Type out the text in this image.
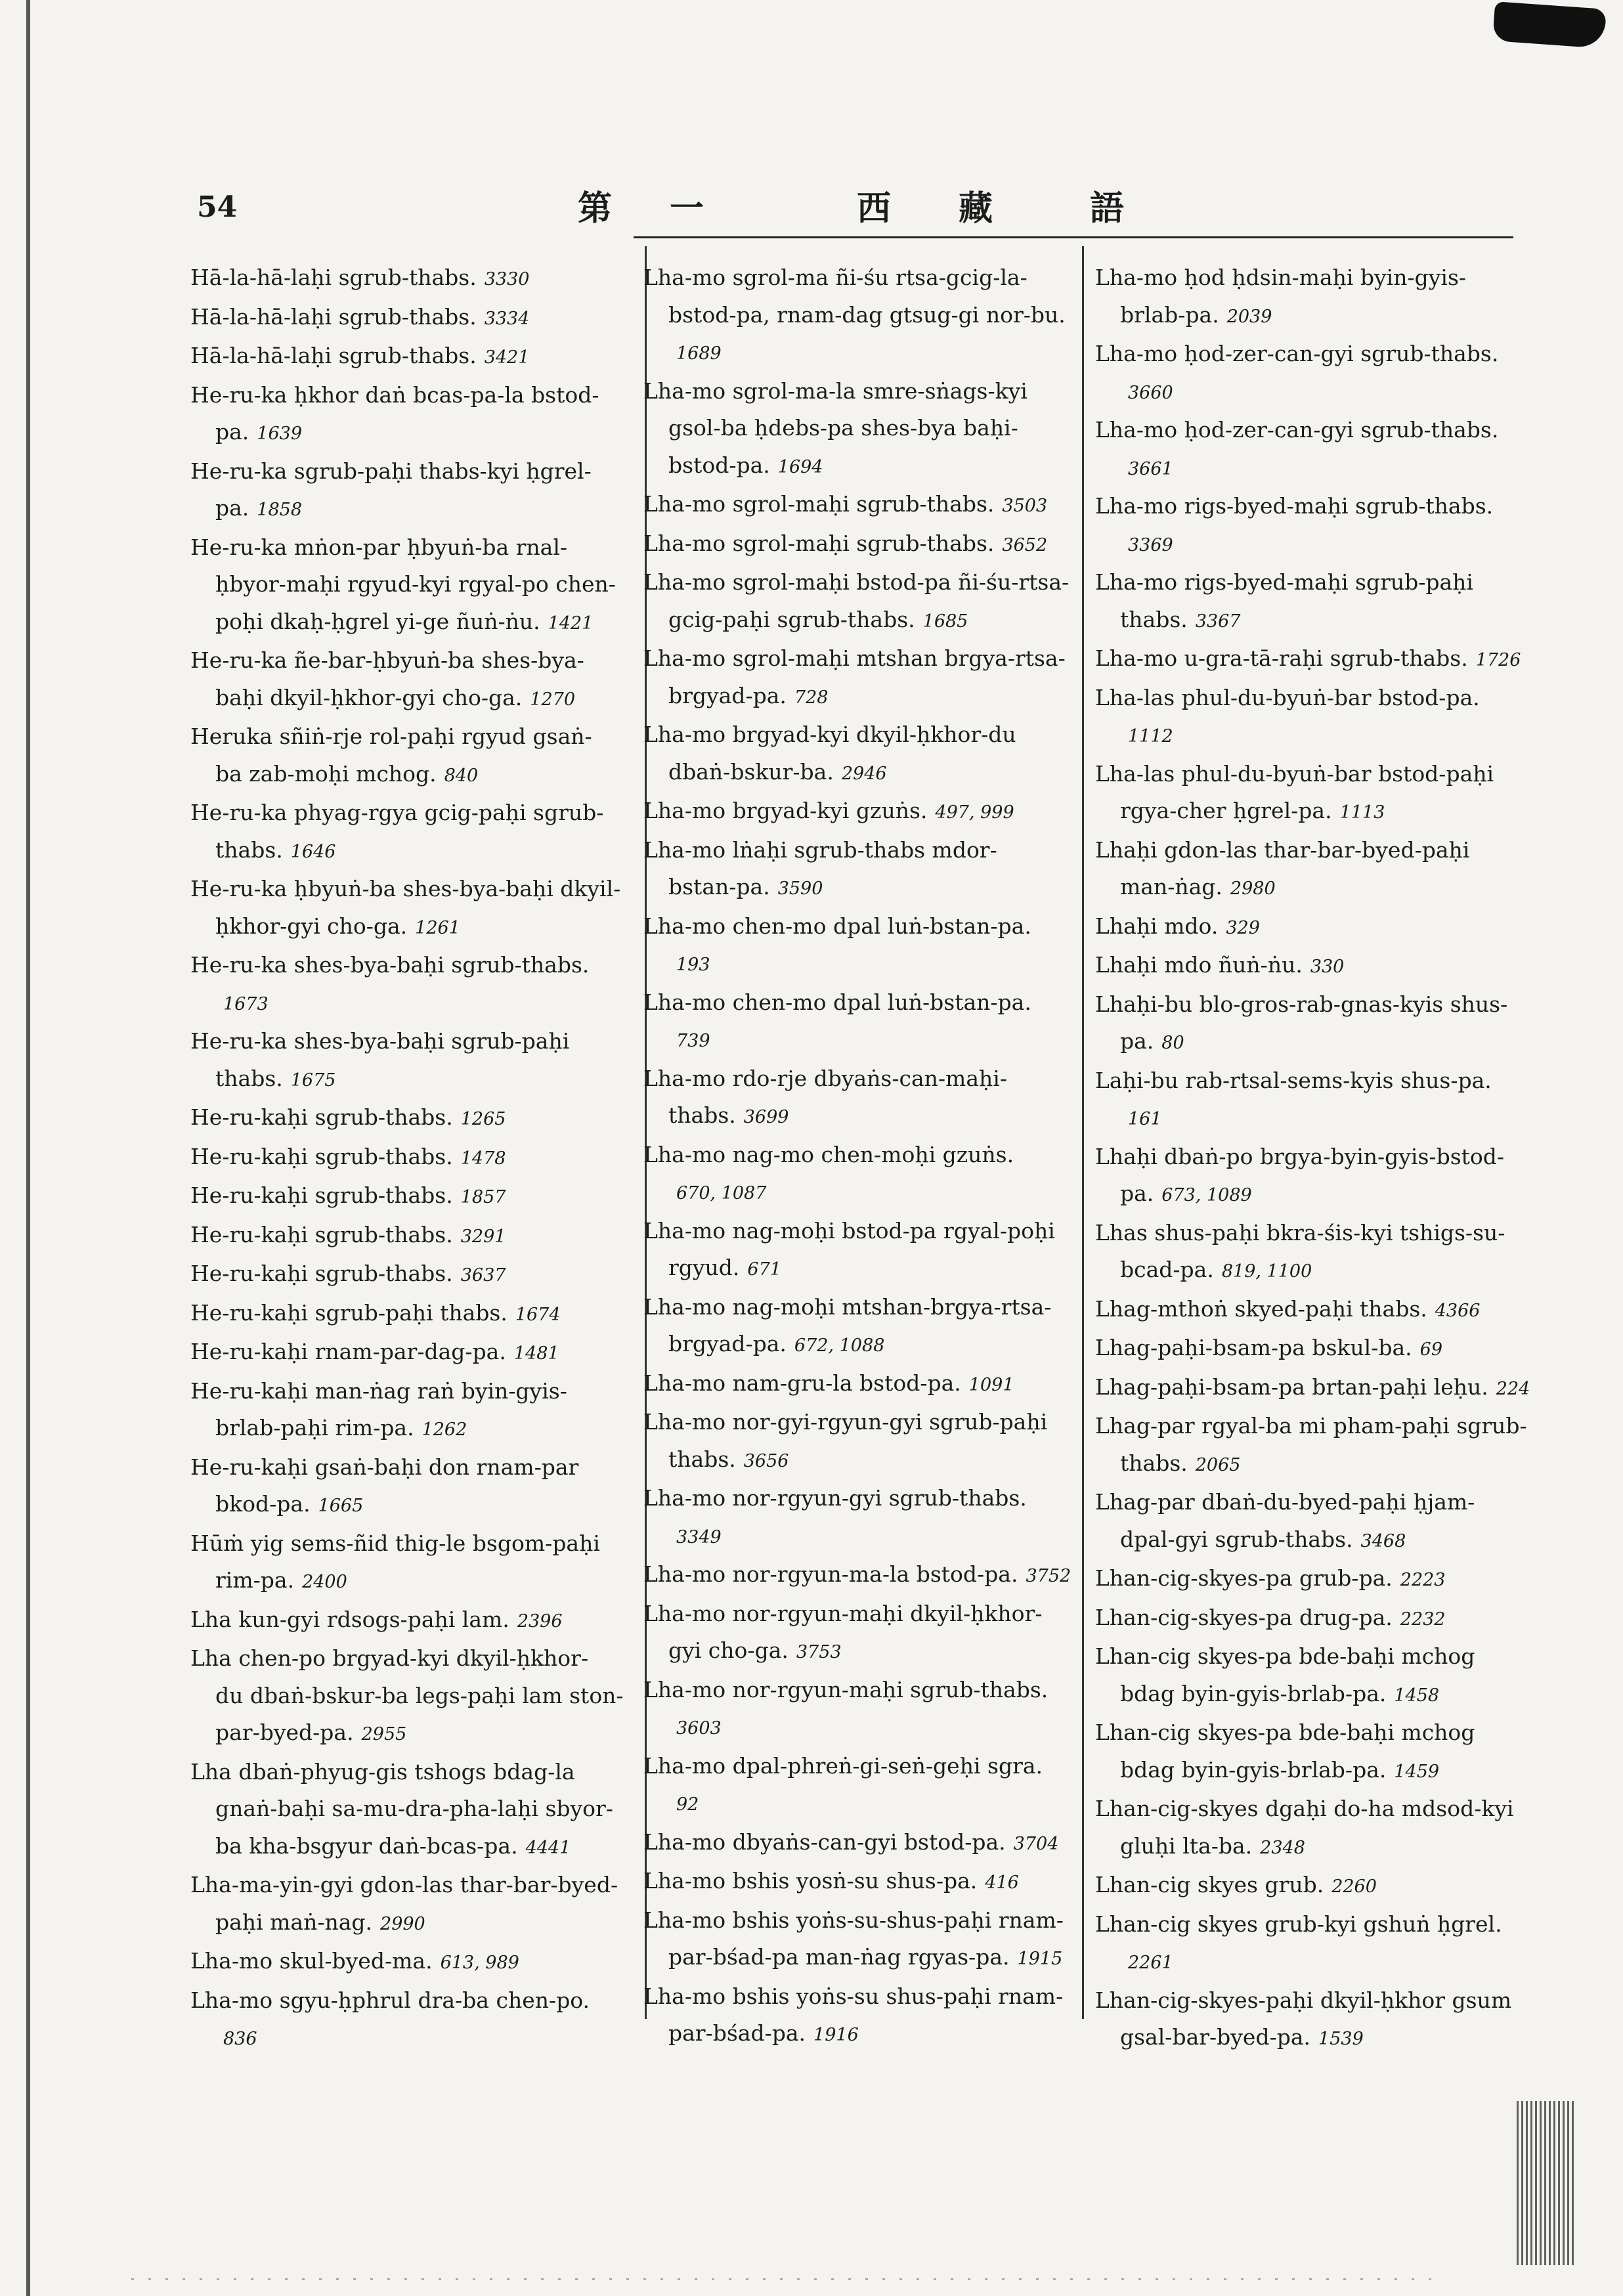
54	第 一	西 藏	語
Hā-la-hā-laḥi sgrub-thabs. 3330
Hā-la-hā-laḥi sgrub-thabs. 3334
Hā-la-hā-laḥi sgrub-thabs. 3421
He-ru-ka ḥkhor daṅ bcas-pa-la bstod-
pa. 1639
He-ru-ka sgrub-paḥi thabs-kyi ḥgrel-
pa. 1858
He-ru-ka mṅon-par ḥbyuṅ-ba rnal-
ḥbyor-maḥi rgyud-kyi rgyal-po chen-
poḥi dkaḥ-ḥgrel yi-ge ñuṅ-ṅu. 1421
He-ru-ka ñe-bar-ḥbyuṅ-ba shes-bya-
baḥi dkyil-ḥkhor-gyi cho-ga. 1270
Heruka sñiṅ-rje rol-paḥi rgyud gsaṅ-
ba zab-moḥi mchog. 840
He-ru-ka phyag-rgya gcig-paḥi sgrub-
thabs. 1646
He-ru-ka ḥbyuṅ-ba shes-bya-baḥi dkyil-
ḥkhor-gyi cho-ga. 1261
He-ru-ka shes-bya-baḥi sgrub-thabs.
1673
He-ru-ka shes-bya-baḥi sgrub-paḥi
thabs. 1675
He-ru-kaḥi sgrub-thabs. 1265
He-ru-kaḥi sgrub-thabs. 1478
He-ru-kaḥi sgrub-thabs. 1857
He-ru-kaḥi sgrub-thabs. 3291
He-ru-kaḥi sgrub-thabs. 3637
He-ru-kaḥi sgrub-paḥi thabs. 1674
He-ru-kaḥi rnam-par-dag-pa. 1481
He-ru-kaḥi man-ṅag raṅ byin-gyis-
brlab-paḥi rim-pa. 1262
He-ru-kaḥi gsaṅ-baḥi don rnam-par
bkod-pa. 1665
Hūṁ yig sems-ñid thig-le bsgom-paḥi
rim-pa. 2400
Lha kun-gyi rdsogs-paḥi lam. 2396
Lha chen-po brgyad-kyi dkyil-ḥkhor-
du dbaṅ-bskur-ba legs-paḥi lam ston-
par-byed-pa. 2955
Lha dbaṅ-phyug-gis tshogs bdag-la
gnaṅ-baḥi sa-mu-dra-pha-laḥi sbyor-
ba kha-bsgyur daṅ-bcas-pa. 4441
Lha-ma-yin-gyi gdon-las thar-bar-byed-
paḥi maṅ-nag. 2990
Lha-mo skul-byed-ma. 613, 989
Lha-mo sgyu-ḥphrul dra-ba chen-po.
836
Lha-mo sgrol-ma ñi-śu rtsa-gcig-la-
bstod-pa, rnam-dag gtsug-gi nor-bu.
1689
Lha-mo sgrol-ma-la smre-sṅags-kyi
gsol-ba ḥdebs-pa shes-bya baḥi-
bstod-pa. 1694
Lha-mo sgrol-maḥi sgrub-thabs. 3503
Lha-mo sgrol-maḥi sgrub-thabs. 3652
Lha-mo sgrol-maḥi bstod-pa ñi-śu-rtsa-
gcig-paḥi sgrub-thabs. 1685
Lha-mo sgrol-maḥi mtshan brgya-rtsa-
brgyad-pa. 728
Lha-mo brgyad-kyi dkyil-ḥkhor-du
dbaṅ-bskur-ba. 2946
Lha-mo brgyad-kyi gzuṅs. 497, 999
Lha-mo lṅaḥi sgrub-thabs mdor-
bstan-pa. 3590
Lha-mo chen-mo dpal luṅ-bstan-pa.
193
Lha-mo chen-mo dpal luṅ-bstan-pa.
739
Lha-mo rdo-rje dbyaṅs-can-maḥi-
thabs. 3699
Lha-mo nag-mo chen-moḥi gzuṅs.
670, 1087
Lha-mo nag-moḥi bstod-pa rgyal-poḥi
rgyud. 671
Lha-mo nag-moḥi mtshan-brgya-rtsa-
brgyad-pa. 672, 1088
Lha-mo nam-gru-la bstod-pa. 1091
Lha-mo nor-gyi-rgyun-gyi sgrub-paḥi
thabs. 3656
Lha-mo nor-rgyun-gyi sgrub-thabs.
3349
Lha-mo nor-rgyun-ma-la bstod-pa. 3752
Lha-mo nor-rgyun-maḥi dkyil-ḥkhor-
gyi cho-ga. 3753
Lha-mo nor-rgyun-maḥi sgrub-thabs.
3603
Lha-mo dpal-phreṅ-gi-seṅ-geḥi sgra.
92
Lha-mo dbyaṅs-can-gyi bstod-pa. 3704
Lha-mo bshis yosṅ-su shus-pa. 416
Lha-mo bshis yoṅs-su-shus-paḥi rnam-
par-bśad-pa man-ṅag rgyas-pa. 1915
Lha-mo bshis yoṅs-su shus-paḥi rnam-
par-bśad-pa. 1916
Lha-mo ḥod ḥdsin-maḥi byin-gyis-
brlab-pa. 2039
Lha-mo ḥod-zer-can-gyi sgrub-thabs.
3660
Lha-mo ḥod-zer-can-gyi sgrub-thabs.
3661
Lha-mo rigs-byed-maḥi sgrub-thabs.
3369
Lha-mo rigs-byed-maḥi sgrub-paḥi
thabs. 3367
Lha-mo u-gra-tā-raḥi sgrub-thabs. 1726
Lha-las phul-du-byuṅ-bar bstod-pa.
1112
Lha-las phul-du-byuṅ-bar bstod-paḥi
rgya-cher ḥgrel-pa. 1113
Lhaḥi gdon-las thar-bar-byed-paḥi
man-ṅag. 2980
Lhaḥi mdo. 329
Lhaḥi mdo ñuṅ-ṅu. 330
Lhaḥi-bu blo-gros-rab-gnas-kyis shus-
pa. 80
Laḥi-bu rab-rtsal-sems-kyis shus-pa.
161
Lhaḥi dbaṅ-po brgya-byin-gyis-bstod-
pa. 673, 1089
Lhas shus-paḥi bkra-śis-kyi tshigs-su-
bcad-pa. 819, 1100
Lhag-mthoṅ skyed-paḥi thabs. 4366
Lhag-paḥi-bsam-pa bskul-ba. 69
Lhag-paḥi-bsam-pa brtan-paḥi leḥu. 224
Lhag-par rgyal-ba mi pham-paḥi sgrub-
thabs. 2065
Lhag-par dbaṅ-du-byed-paḥi ḥjam-
dpal-gyi sgrub-thabs. 3468
Lhan-cig-skyes-pa grub-pa. 2223
Lhan-cig-skyes-pa drug-pa. 2232
Lhan-cig skyes-pa bde-baḥi mchog
bdag byin-gyis-brlab-pa. 1458
Lhan-cig skyes-pa bde-baḥi mchog
bdag byin-gyis-brlab-pa. 1459
Lhan-cig-skyes dgaḥi do-ha mdsod-kyi
gluḥi lta-ba. 2348
Lhan-cig skyes grub. 2260
Lhan-cig skyes grub-kyi gshuṅ ḥgrel.
2261
Lhan-cig-skyes-paḥi dkyil-ḥkhor gsum
gsal-bar-byed-pa. 1539
